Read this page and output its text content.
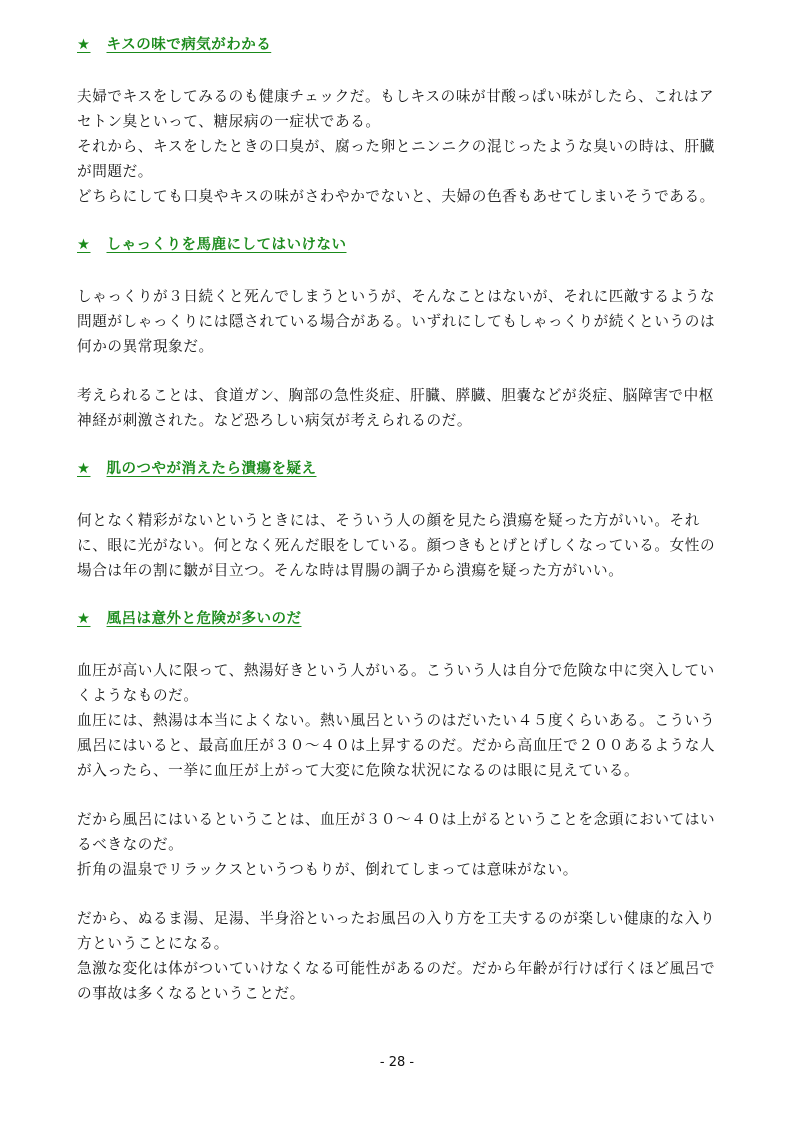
★ キスの味で病気がわかる

夫婦でキスをしてみるのも健康チェックだ。もしキスの味が甘酸っぱい味がしたら、これはアセトン臭といって、糖尿病の一症状である。

それから、キスをしたときの口臭が、腐った卵とニンニクの混じったような臭いの時は、肝臓が問題だ。

どちらにしても口臭やキスの味がさわやかでないと、夫婦の色香もあせてしまいそうである。

★ しゃっくりを馬鹿にしてはいけない

しゃっくりが３日続くと死んでしまうというが、そんなことはないが、それに匹敵するような問題がしゃっくりには隠されている場合がある。いずれにしてもしゃっくりが続くというのは何かの異常現象だ。

考えられることは、食道ガン、胸部の急性炎症、肝臓、膵臓、胆嚢などが炎症、脳障害で中枢神経が刺激された。など恐ろしい病気が考えられるのだ。

★ 肌のつやが消えたら潰瘍を疑え

何となく精彩がないというときには、そういう人の顔を見たら潰瘍を疑った方がいい。それに、眼に光がない。何となく死んだ眼をしている。顔つきもとげとげしくなっている。女性の場合は年の割に皺が目立つ。そんな時は胃腸の調子から潰瘍を疑った方がいい。

★ 風呂は意外と危険が多いのだ

血圧が高い人に限って、熱湯好きという人がいる。こういう人は自分で危険な中に突入していくようなものだ。

血圧には、熱湯は本当によくない。熱い風呂というのはだいたい４５度くらいある。こういう風呂にはいると、最高血圧が３０〜４０は上昇するのだ。だから高血圧で２００あるような人が入ったら、一挙に血圧が上がって大変に危険な状況になるのは眼に見えている。

だから風呂にはいるということは、血圧が３０〜４０は上がるということを念頭においてはいるべきなのだ。

折角の温泉でリラックスというつもりが、倒れてしまっては意味がない。

だから、ぬるま湯、足湯、半身浴といったお風呂の入り方を工夫するのが楽しい健康的な入り方ということになる。

急激な変化は体がついていけなくなる可能性があるのだ。だから年齢が行けば行くほど風呂での事故は多くなるということだ。

- 28 -
